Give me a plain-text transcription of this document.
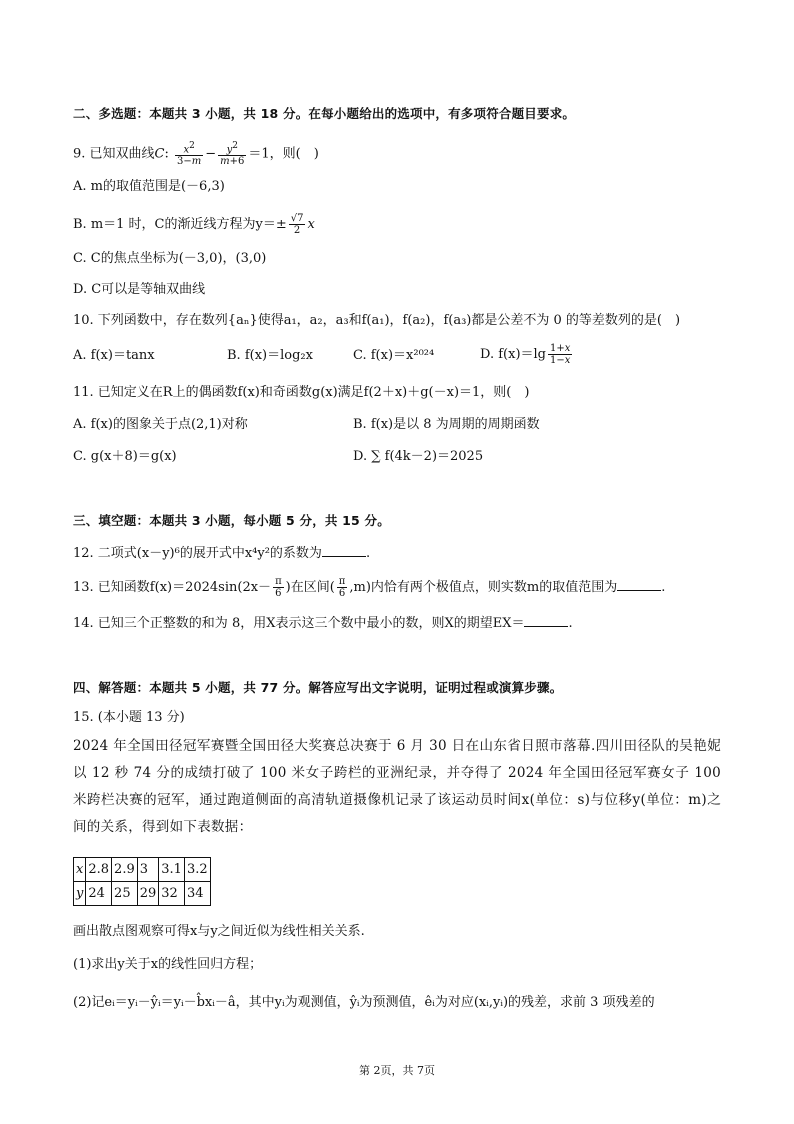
二、多选题：本题共 3 小题，共 18 分。在每小题给出的选项中，有多项符合题目要求。
9. 已知双曲线C: $\frac{x^2}{3-m} - \frac{y^2}{m+6} =1$，则(　)
A. m的取值范围是(－6,3)
B. m＝1 时，C的渐近线方程为$y=\pm \frac{√7}{2}$ x
C. C的焦点坐标为(－3,0)，(3,0)
D. C可以是等轴双曲线
10. 下列函数中，存在数列{aₙ}使得a₁，a₂，a₃和f(a₁)，f(a₂)，f(a₃)都是公差不为 0 的等差数列的是(　)
A. f(x)＝tanx	B. f(x)＝log₂x	C. f(x)＝x²⁰²⁴	D. $f(x)=\lg \frac{1+x}{1-x}$
11. 已知定义在R上的偶函数f(x)和奇函数g(x)满足f(2＋x)＋g(－x)＝1，则(　)
A. f(x)的图象关于点(2,1)对称	B. f(x)是以 8 为周期的周期函数
C. g(x＋8)＝g(x)	D. ∑ f(4k－2)＝2025
三、填空题：本题共 3 小题，每小题 5 分，共 15 分。
12. 二项式(x－y)⁶的展开式中x⁴y²的系数为	.
13. 已知函数$f(x)=2024\sin(2x- \frac{\pi}{6}$ )在区间( $\frac{\pi}{6} ,m$)内恰有两个极值点，则实数m的取值范围为	.
14. 已知三个正整数的和为 8，用X表示这三个数中最小的数，则X的期望EX＝	.
四、解答题：本题共 5 小题，共 77 分。解答应写出文字说明，证明过程或演算步骤。
15. (本小题 13 分)
2024 年全国田径冠军赛暨全国田径大奖赛总决赛于 6 月 30 日在山东省日照市落幕.四川田径队的吴艳妮以 12 秒 74 分的成绩打破了 100 米女子跨栏的亚洲纪录，并夺得了 2024 年全国田径冠军赛女子 100 米跨栏决赛的冠军，通过跑道侧面的高清轨道摄像机记录了该运动员时间x(单位：s)与位移y(单位：m)之间的关系，得到如下表数据：
x	2.8	2.9	3	3.1	3.2
y	24	25	29	32	34
画出散点图观察可得x与y之间近似为线性相关关系.
(1)求出y关于x的线性回归方程；
(2)记eᵢ＝yᵢ－ŷᵢ＝yᵢ－b̂xᵢ－â，其中yᵢ为观测值，ŷᵢ为预测值，êᵢ为对应(xᵢ,yᵢ)的残差，求前 3 项残差的
第 2页，共 7页
